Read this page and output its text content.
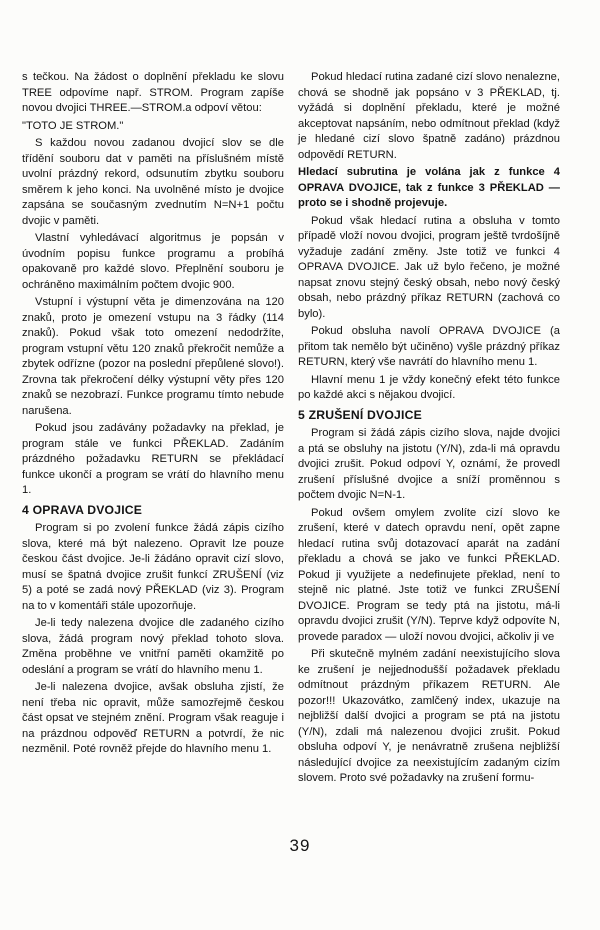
s tečkou. Na žádost o doplnění překladu ke slovu TREE odpovíme např. STROM. Program zapíše novou dvojici THREE.—STROM.a odpoví větou:

"TOTO JE STROM."

S každou novou zadanou dvojicí slov se dle třídění souboru dat v paměti na příslušném místě uvolní prázdný rekord, odsunutím zbytku souboru směrem k jeho konci. Na uvolněné místo je dvojice zapsána se současným zvednutím N=N+1 počtu dvojic v paměti.

Vlastní vyhledávací algoritmus je popsán v úvodním popisu funkce programu a probíhá opakovaně pro každé slovo. Přeplnění souboru je ochráněno maximálním počtem dvojic 900.

Vstupní i výstupní věta je dimenzována na 120 znaků, proto je omezení vstupu na 3 řádky (114 znaků). Pokud však toto omezení nedodržíte, program vstupní větu 120 znaků překročit nemůže a zbytek odřízne (pozor na poslední přepůlené slovo!). Zrovna tak překročení délky výstupní věty přes 120 znaků se nezobrazí. Funkce programu tímto nebude narušena.

Pokud jsou zadávány požadavky na překlad, je program stále ve funkci PŘEKLAD. Zadáním prázdného požadavku RETURN se překládací funkce ukončí a program se vrátí do hlavního menu 1.

4 OPRAVA DVOJICE

Program si po zvolení funkce žádá zápis cizího slova, které má být nalezeno. Opravit lze pouze českou část dvojice. Je-li žádáno opravit cizí slovo, musí se špatná dvojice zrušit funkcí ZRUŠENÍ (viz 5) a poté se zadá nový PŘEKLAD (viz 3). Program na to v komentáři stále upozorňuje.

Je-li tedy nalezena dvojice dle zadaného cizího slova, žádá program nový překlad tohoto slova. Změna proběhne ve vnitřní paměti okamžitě po odeslání a program se vrátí do hlavního menu 1.

Je-li nalezena dvojice, avšak obsluha zjistí, že není třeba nic opravit, může samozřejmě českou část opsat ve stejném znění. Program však reaguje i na prázdnou odpověď RETURN a potvrdí, že nic nezměnil. Poté rovněž přejde do hlavního menu 1.

Pokud hledací rutina zadané cizí slovo nenalezne, chová se shodně jak popsáno v 3 PŘEKLAD, tj. vyžádá si doplnění překladu, které je možné akceptovat napsáním, nebo odmítnout překlad (když je hledané cizí slovo špatně zadáno) prázdnou odpovědí RETURN.

Hledací subrutina je volána jak z funkce 4 OPRAVA DVOJICE, tak z funkce 3 PŘEKLAD — proto se i shodně projevuje.

Pokud však hledací rutina a obsluha v tomto případě vloží novou dvojici, program ještě tvrdošíjně vyžaduje zadání změny. Jste totiž ve funkci 4 OPRAVA DVOJICE. Jak už bylo řečeno, je možné napsat znovu stejný český obsah, nebo nový český obsah, nebo prázdný příkaz RETURN (zachová co bylo).

Pokud obsluha navolí OPRAVA DVOJICE (a přitom tak nemělo být učiněno) vyšle prázdný příkaz RETURN, který vše navrátí do hlavního menu 1.

Hlavní menu 1 je vždy konečný efekt této funkce po každé akci s nějakou dvojicí.

5 ZRUŠENÍ DVOJICE

Program si žádá zápis cizího slova, najde dvojici a ptá se obsluhy na jistotu (Y/N), zda-li má opravdu dvojici zrušit. Pokud odpoví Y, oznámí, že provedl zrušení příslušné dvojice a sníží proměnnou s počtem dvojic N=N-1.

Pokud ovšem omylem zvolíte cizí slovo ke zrušení, které v datech opravdu není, opět zapne hledací rutina svůj dotazovací aparát na zadání překladu a chová se jako ve funkci PŘEKLAD. Pokud ji využijete a nedefinujete překlad, není to stejně nic platné. Jste totiž ve funkci ZRUŠENÍ DVOJICE. Program se tedy ptá na jistotu, má-li opravdu dvojici zrušit (Y/N). Teprve když odpovíte N, provede paradox — uloží novou dvojici, ačkoliv ji ve

Při skutečně mylném zadání neexistujícího slova ke zrušení je nejjednodušší požadavek překladu odmítnout prázdným příkazem RETURN. Ale pozor!!! Ukazovátko, zamlčený index, ukazuje na nejbližší další dvojici a program se ptá na jistotu (Y/N), zdali má nalezenou dvojici zrušit. Pokud obsluha odpoví Y, je nenávratně zrušena nejbližší následující dvojice za neexistujícím zadaným cizím slovem. Proto své požadavky na zrušení formu-

39
